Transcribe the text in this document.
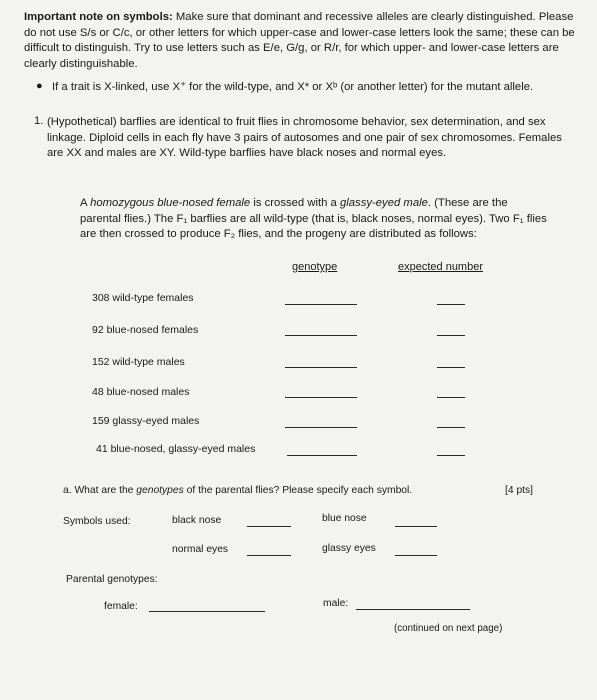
Important note on symbols: Make sure that dominant and recessive alleles are clearly distinguished. Please do not use S/s or C/c, or other letters for which upper-case and lower-case letters look the same; these can be difficult to distinguish. Try to use letters such as E/e, G/g, or R/r, for which upper- and lower-case letters are clearly distinguishable.
● If a trait is X-linked, use X⁺ for the wild-type, and X* or Xᵇ (or another letter) for the mutant allele.
1. (Hypothetical) barflies are identical to fruit flies in chromosome behavior, sex determination, and sex linkage. Diploid cells in each fly have 3 pairs of autosomes and one pair of sex chromosomes. Females are XX and males are XY. Wild-type barflies have black noses and normal eyes.
A homozygous blue-nosed female is crossed with a glassy-eyed male. (These are the parental flies.) The F₁ barflies are all wild-type (that is, black noses, normal eyes). Two F₁ flies are then crossed to produce F₂ flies, and the progeny are distributed as follows:
genotype	expected number
308 wild-type females
92 blue-nosed females
152 wild-type males
48 blue-nosed males
159 glassy-eyed males
41 blue-nosed, glassy-eyed males
a. What are the genotypes of the parental flies? Please specify each symbol.	[4 pts]
Symbols used:	black nose	blue nose
normal eyes	glassy eyes
Parental genotypes:
female:	male:
(continued on next page)
